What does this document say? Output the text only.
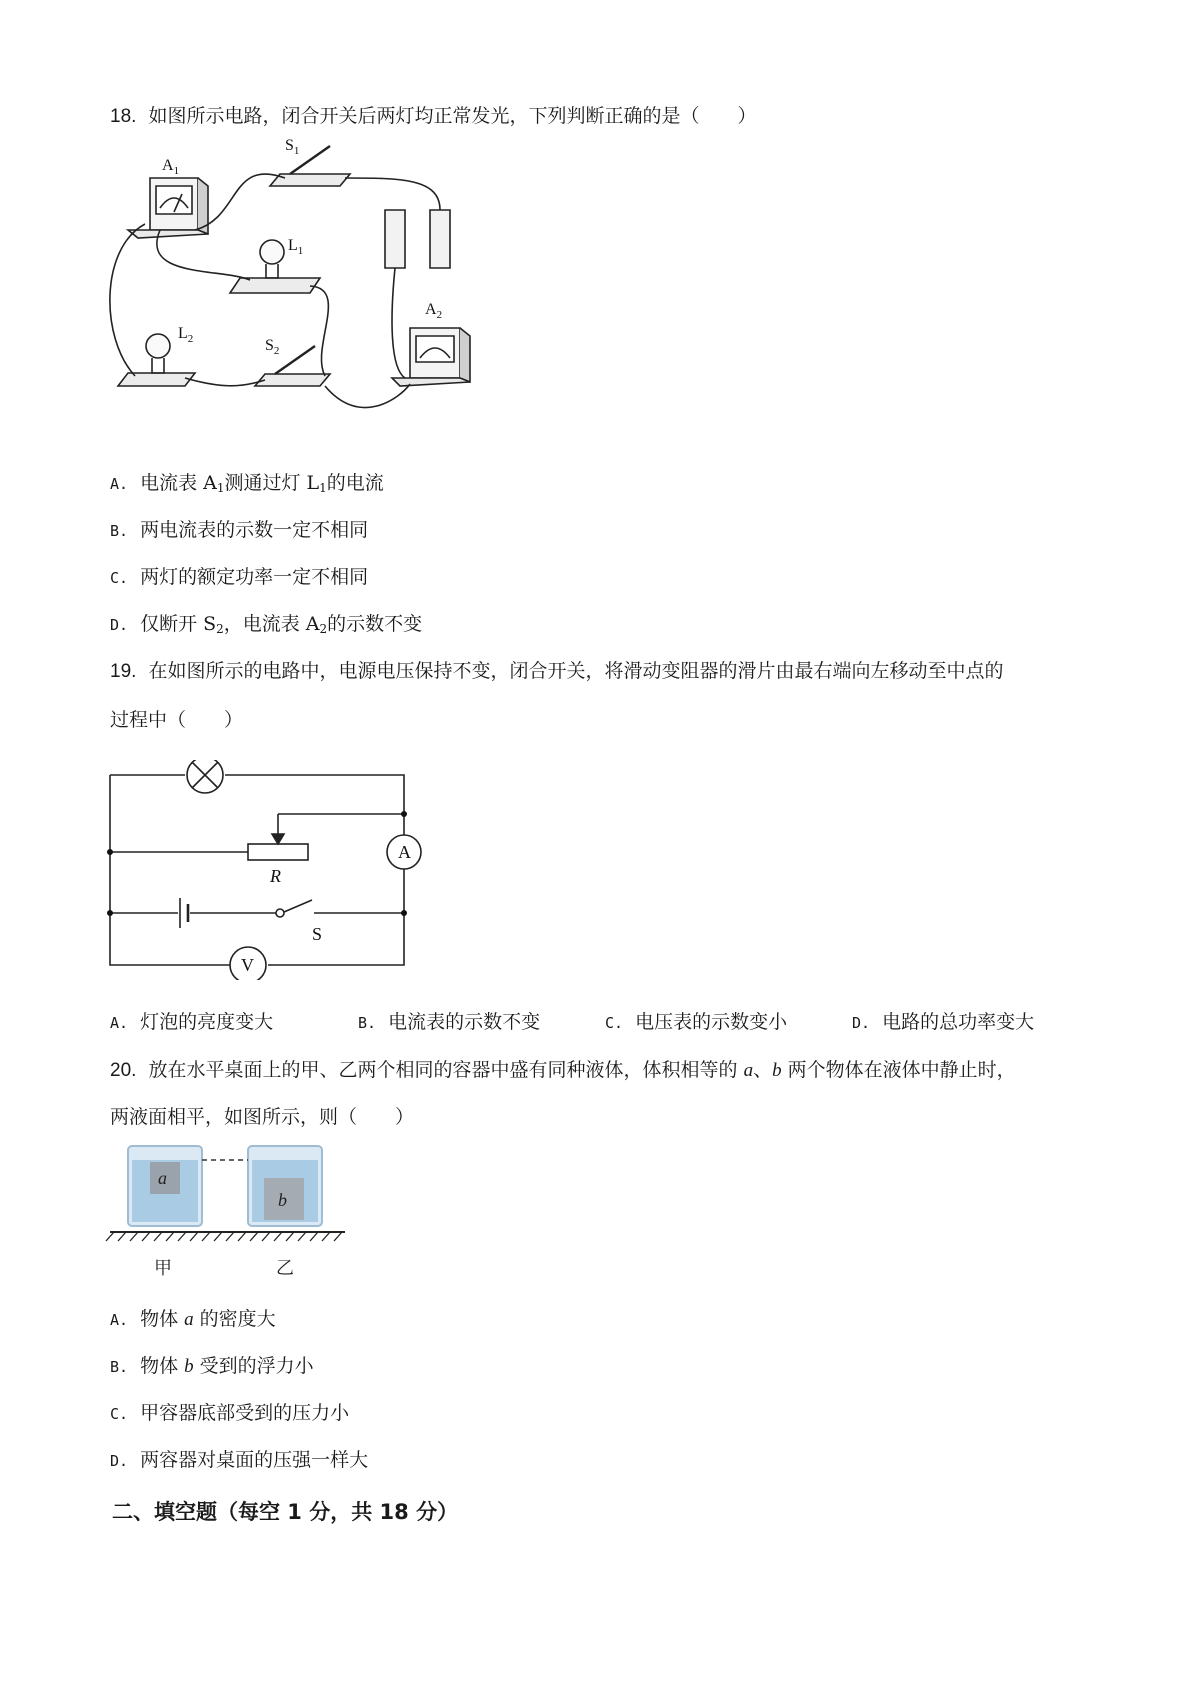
18. 如图所示电路，闭合开关后两灯均正常发光，下列判断正确的是（　　）
$A_1$
$S_1$
$L_1$
$A_2$
$L_2$	$S_2$
A. 电流表 $A_1$测通过灯 $L_1$的电流
B. 两电流表的示数一定不相同
C. 两灯的额定功率一定不相同
D. 仅断开 $S_2$，电流表 $A_2$的示数不变
19. 在如图所示的电路中，电源电压保持不变，闭合开关，将滑动变阻器的滑片由最右端向左移动至中点的
过程中（　　）
A
V
R
S
A. 灯泡的亮度变大	B. 电流表的示数不变	C. 电压表的示数变小	D. 电路的总功率变大
20. 放在水平桌面上的甲、乙两个相同的容器中盛有同种液体，体积相等的 a、b 两个物体在液体中静止时，
两液面相平，如图所示，则（　　）
a
b
甲	乙
A. 物体 a 的密度大
B. 物体 b 受到的浮力小
C. 甲容器底部受到的压力小
D. 两容器对桌面的压强一样大
二、填空题（每空 1 分，共 18 分）
